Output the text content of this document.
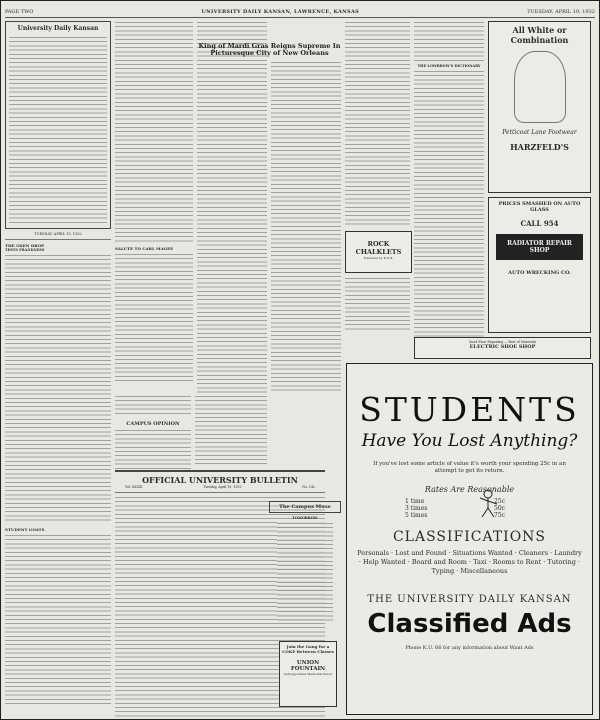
PAGE TWO	UNIVERSITY DAILY KANSAN, LAWRENCE, KANSAS	TUESDAY, APRIL 19, 1932
University Daily Kansan
TUESDAY, APRIL 19, 1932
THE OXEN DROP
TESTS FRANKNESS
STUDENT GOATS
SALUTE TO CARL MAGEE
CAMPUS OPINION
OFFICIAL UNIVERSITY BULLETIN
Vol. XXXIII	Tuesday, April 19, 1932	No. 142
King of Mardi Gras Reigns Supreme In Picturesque City of New Orleans
The Campus Muse
TOMORROW
Join the Gang for a COKE Between Classes
UNION FOUNTAIN
Self-Appointed Memorial Union
ROCK CHALKLETS
Fondered by K.U.B.
THE LOWBROW'S DICTIONARY
Good Shoe Repairing — Best of Materials
ELECTRIC SHOE SHOP
All White or Combination
Petticoat Lane Footwear
HARZFELD'S
PRICES SMASHED ON AUTO GLASS
CALL 954
RADIATOR REPAIR SHOP
AUTO WRECKING CO.
STUDENTS
Have You Lost Anything?
If you've lost some article of value it's worth your spending 25c in an attempt to get its return.
Rates Are Reasonable
1 time	25c
3 times	50c
5 times	75c
CLASSIFICATIONS
Personals · Lost and Found · Situations Wanted · Cleaners · Laundry · Help Wanted · Board and Room · Taxi · Rooms to Rent · Tutoring · Typing · Miscellaneous
THE UNIVERSITY DAILY KANSAN
Classified Ads
Phone K.U. 66 for any information about Want Ads
